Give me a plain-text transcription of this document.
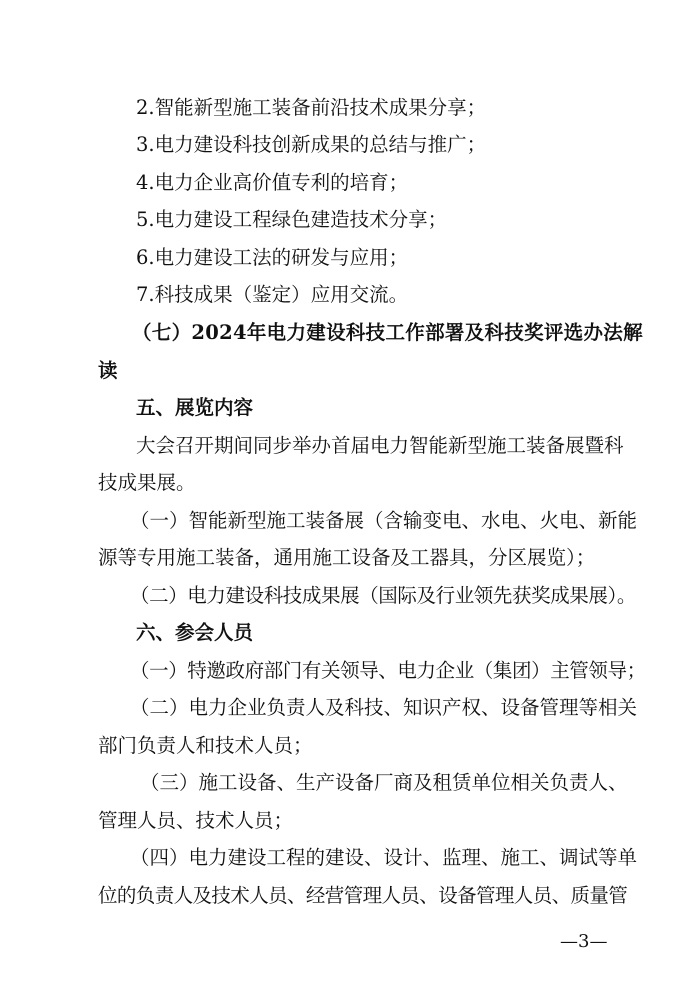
2.智能新型施工装备前沿技术成果分享；
3.电力建设科技创新成果的总结与推广；
4.电力企业高价值专利的培育；
5.电力建设工程绿色建造技术分享；
6.电力建设工法的研发与应用；
7.科技成果（鉴定）应用交流。
（七）2024年电力建设科技工作部署及科技奖评选办法解
读
五、展览内容
大会召开期间同步举办首届电力智能新型施工装备展暨科
技成果展。
（一）智能新型施工装备展（含输变电、水电、火电、新能
源等专用施工装备，通用施工设备及工器具，分区展览）；
（二）电力建设科技成果展（国际及行业领先获奖成果展）。
六、参会人员
（一）特邀政府部门有关领导、电力企业（集团）主管领导；
（二）电力企业负责人及科技、知识产权、设备管理等相关
部门负责人和技术人员；
（三）施工设备、生产设备厂商及租赁单位相关负责人、
管理人员、技术人员；
（四）电力建设工程的建设、设计、监理、施工、调试等单
位的负责人及技术人员、经营管理人员、设备管理人员、质量管
—3—
